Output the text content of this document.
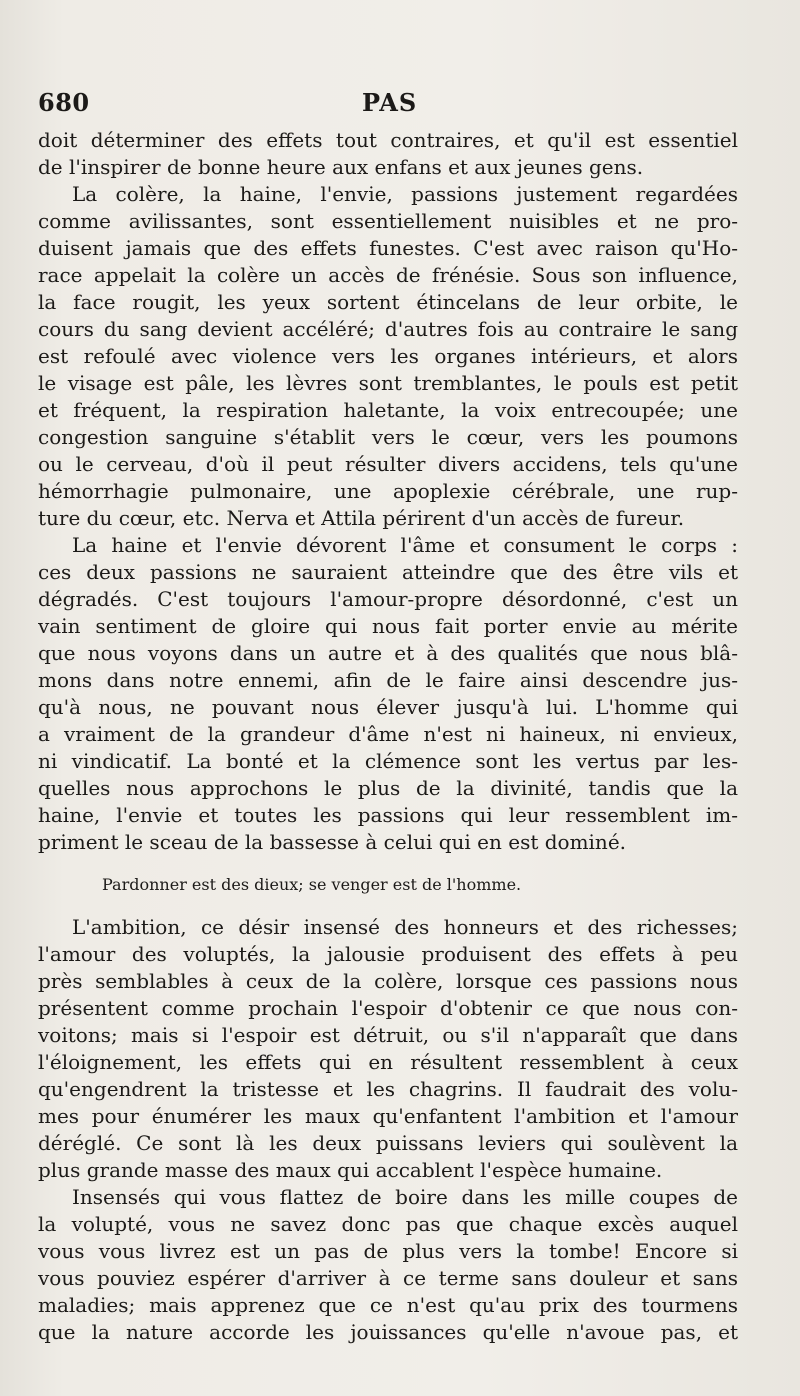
680	PAS
doit déterminer des effets tout contraires, et qu'il est essentiel
de l'inspirer de bonne heure aux enfans et aux jeunes gens.
La colère, la haine, l'envie, passions justement regardées
comme avilissantes, sont essentiellement nuisibles et ne pro-
duisent jamais que des effets funestes. C'est avec raison qu'Ho-
race appelait la colère un accès de frénésie. Sous son influence,
la face rougit, les yeux sortent étincelans de leur orbite, le
cours du sang devient accéléré; d'autres fois au contraire le sang
est refoulé avec violence vers les organes intérieurs, et alors
le visage est pâle, les lèvres sont tremblantes, le pouls est petit
et fréquent, la respiration haletante, la voix entrecoupée; une
congestion sanguine s'établit vers le cœur, vers les poumons
ou le cerveau, d'où il peut résulter divers accidens, tels qu'une
hémorrhagie pulmonaire, une apoplexie cérébrale, une rup-
ture du cœur, etc. Nerva et Attila périrent d'un accès de fureur.
La haine et l'envie dévorent l'âme et consument le corps :
ces deux passions ne sauraient atteindre que des être vils et
dégradés. C'est toujours l'amour-propre désordonné, c'est un
vain sentiment de gloire qui nous fait porter envie au mérite
que nous voyons dans un autre et à des qualités que nous blâ-
mons dans notre ennemi, afin de le faire ainsi descendre jus-
qu'à nous, ne pouvant nous élever jusqu'à lui. L'homme qui
a vraiment de la grandeur d'âme n'est ni haineux, ni envieux,
ni vindicatif. La bonté et la clémence sont les vertus par les-
quelles nous approchons le plus de la divinité, tandis que la
haine, l'envie et toutes les passions qui leur ressemblent im-
priment le sceau de la bassesse à celui qui en est dominé.
Pardonner est des dieux; se venger est de l'homme.
L'ambition, ce désir insensé des honneurs et des richesses;
l'amour des voluptés, la jalousie produisent des effets à peu
près semblables à ceux de la colère, lorsque ces passions nous
présentent comme prochain l'espoir d'obtenir ce que nous con-
voitons; mais si l'espoir est détruit, ou s'il n'apparaît que dans
l'éloignement, les effets qui en résultent ressemblent à ceux
qu'engendrent la tristesse et les chagrins. Il faudrait des volu-
mes pour énumérer les maux qu'enfantent l'ambition et l'amour
déréglé. Ce sont là les deux puissans leviers qui soulèvent la
plus grande masse des maux qui accablent l'espèce humaine.
Insensés qui vous flattez de boire dans les mille coupes de
la volupté, vous ne savez donc pas que chaque excès auquel
vous vous livrez est un pas de plus vers la tombe! Encore si
vous pouviez espérer d'arriver à ce terme sans douleur et sans
maladies; mais apprenez que ce n'est qu'au prix des tourmens
que la nature accorde les jouissances qu'elle n'avoue pas, et
